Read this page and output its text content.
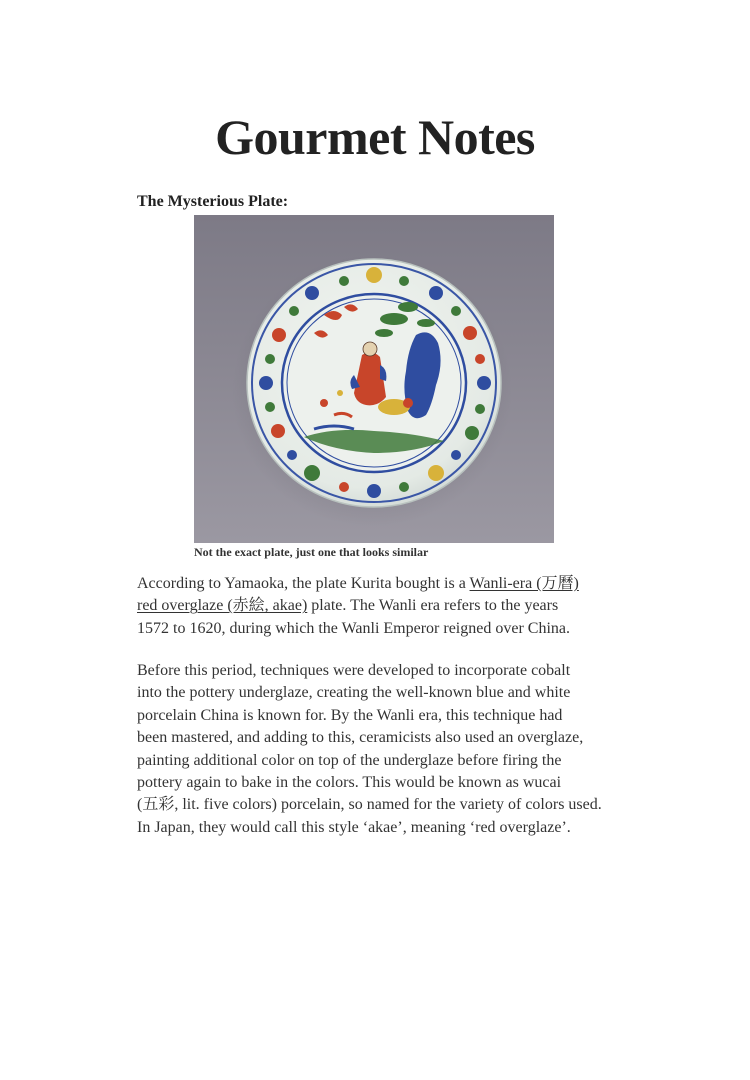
Gourmet Notes
The Mysterious Plate:
Not the exact plate, just one that looks similar

According to Yamaoka, the plate Kurita bought is a Wanli-era (万曆)
red overglaze (赤絵, akae) plate. The Wanli era refers to the years
1572 to 1620, during which the Wanli Emperor reigned over China.

Before this period, techniques were developed to incorporate cobalt
into the pottery underglaze, creating the well-known blue and white
porcelain China is known for. By the Wanli era, this technique had
been mastered, and adding to this, ceramicists also used an overglaze,
painting additional color on top of the underglaze before firing the
pottery again to bake in the colors. This would be known as wucai
(五彩, lit. five colors) porcelain, so named for the variety of colors used.
In Japan, they would call this style ‘akae’, meaning ‘red overglaze’.
